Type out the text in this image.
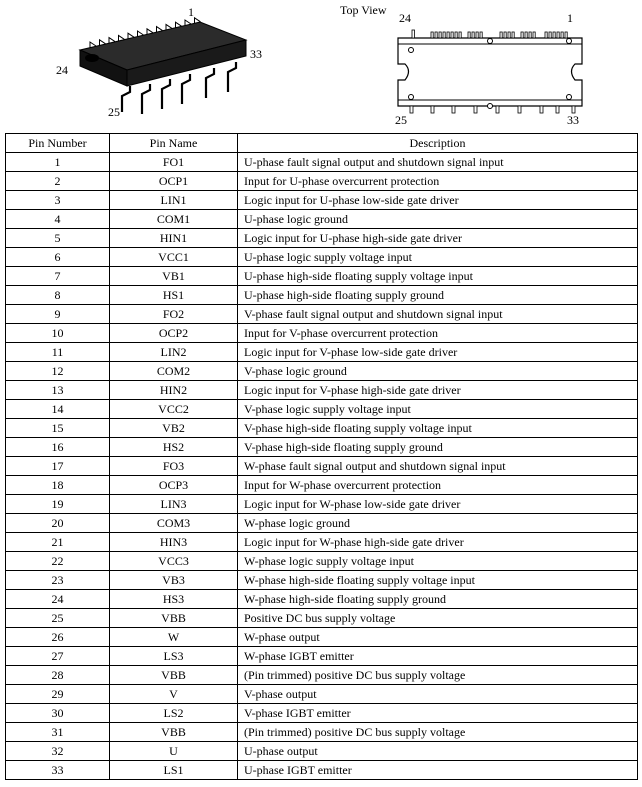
1
24
25
33
Top View
24	1
25	33
Pin Number	Pin Name	Description
1	FO1	U-phase fault signal output and shutdown signal input
2	OCP1	Input for U-phase overcurrent protection
3	LIN1	Logic input for U-phase low-side gate driver
4	COM1	U-phase logic ground
5	HIN1	Logic input for U-phase high-side gate driver
6	VCC1	U-phase logic supply voltage input
7	VB1	U-phase high-side floating supply voltage input
8	HS1	U-phase high-side floating supply ground
9	FO2	V-phase fault signal output and shutdown signal input
10	OCP2	Input for V-phase overcurrent protection
11	LIN2	Logic input for V-phase low-side gate driver
12	COM2	V-phase logic ground
13	HIN2	Logic input for V-phase high-side gate driver
14	VCC2	V-phase logic supply voltage input
15	VB2	V-phase high-side floating supply voltage input
16	HS2	V-phase high-side floating supply ground
17	FO3	W-phase fault signal output and shutdown signal input
18	OCP3	Input for W-phase overcurrent protection
19	LIN3	Logic input for W-phase low-side gate driver
20	COM3	W-phase logic ground
21	HIN3	Logic input for W-phase high-side gate driver
22	VCC3	W-phase logic supply voltage input
23	VB3	W-phase high-side floating supply voltage input
24	HS3	W-phase high-side floating supply ground
25	VBB	Positive DC bus supply voltage
26	W	W-phase output
27	LS3	W-phase IGBT emitter
28	VBB	(Pin trimmed) positive DC bus supply voltage
29	V	V-phase output
30	LS2	V-phase IGBT emitter
31	VBB	(Pin trimmed) positive DC bus supply voltage
32	U	U-phase output
33	LS1	U-phase IGBT emitter
